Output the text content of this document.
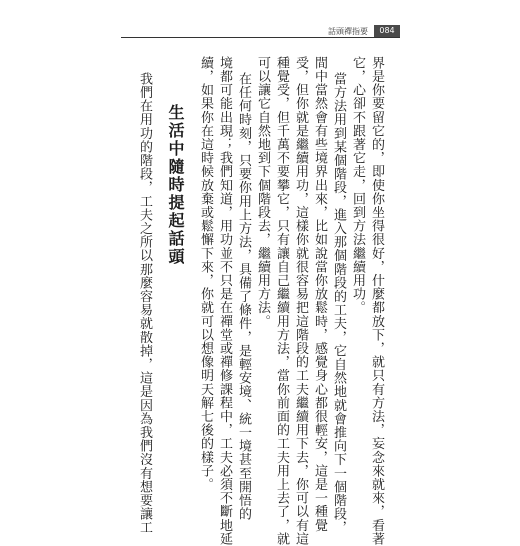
話頭禪指要	084
界是你要留它的，即使你坐得很好，什麼都放下，就只有方法，妄念來就來，看著
它，心卻不跟著它走，回到方法繼續用功。
當方法用到某個階段，進入那個階段的工夫，它自然地就會推向下一個階段，
間中當然會有些境界出來，比如說當你放鬆時，感覺身心都很輕安，這是一種覺
受，但你就是繼續用功，這樣你就很容易把這階段的工夫繼續用下去，你可以有這
種覺受，但千萬不要攀它，只有讓自己繼續用方法，當你前面的工夫用上去了，就
可以讓它自然地到下個階段去，繼續用方法。
在任何時刻，只要你用上方法，具備了條件，是輕安境、統一境甚至開悟的
境都可能出現；我們知道，用功並不只是在禪堂或禪修課程中，工夫必須不斷地延
續，如果你在這時候放棄或鬆懈下來，你就可以想像明天解七後的樣子。
生活中隨時提起話頭
我們在用功的階段，工夫之所以那麼容易就散掉，這是因為我們沒有想要讓工
